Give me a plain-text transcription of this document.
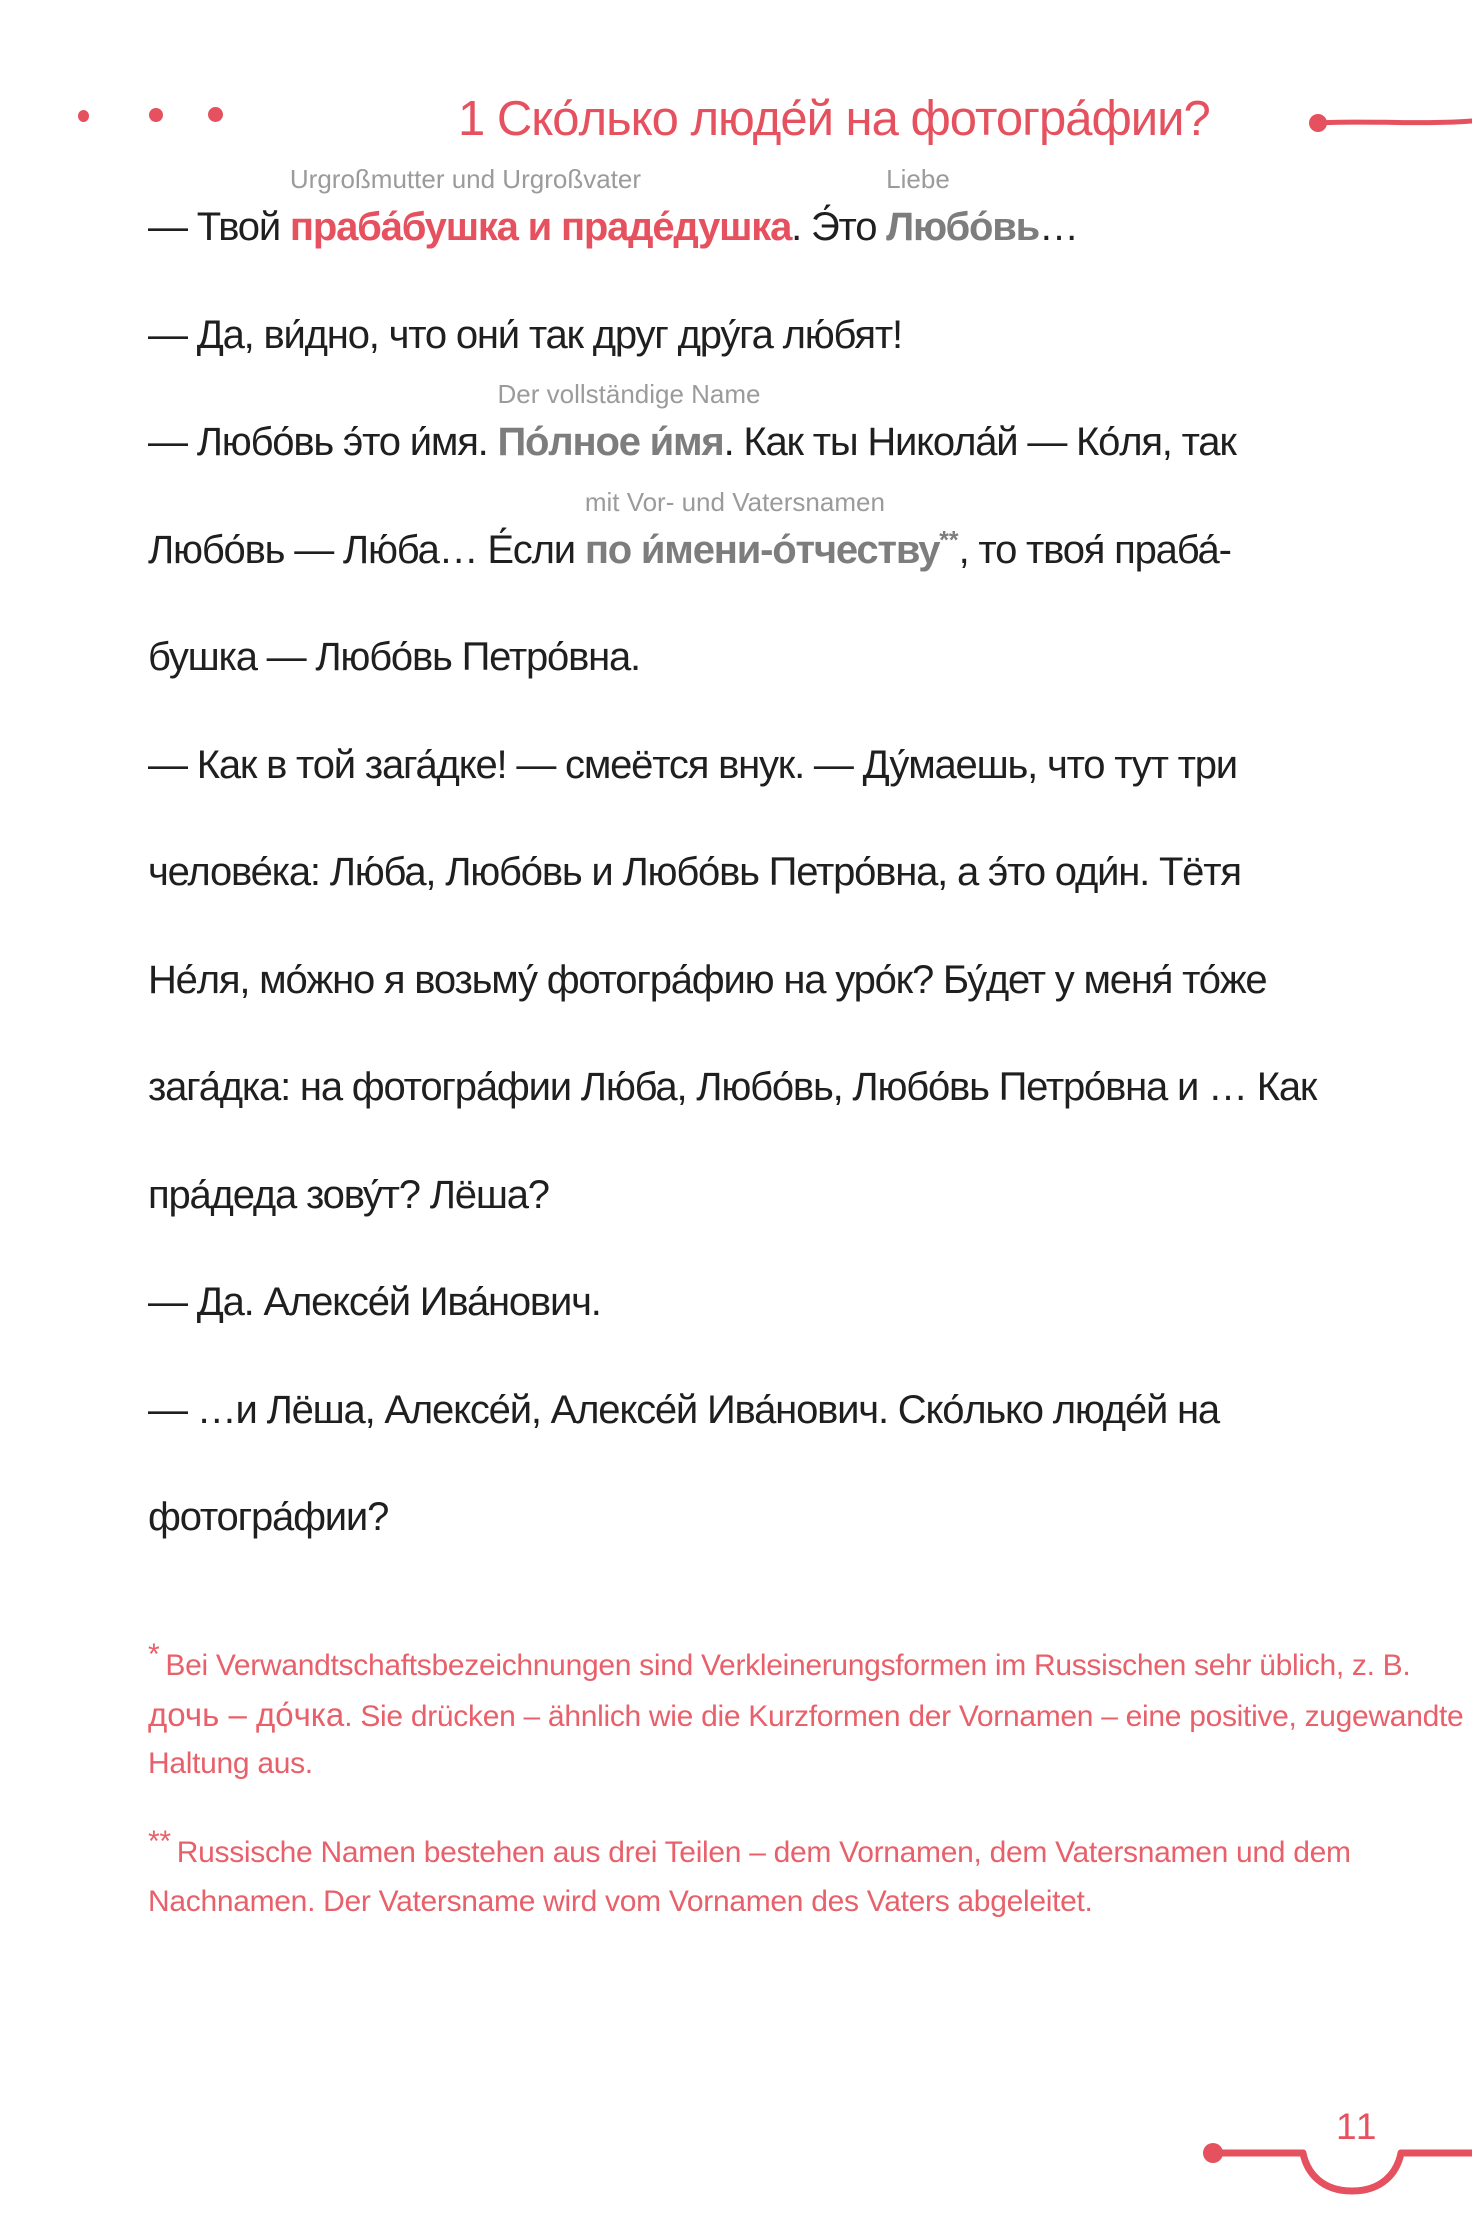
1 Ско́лько люде́й на фотогра́фии?
— Твой праба́бушка и праде́душка
Urgroßmutter und Urgroßvater
. Э́то Любо́вь
Liebe
…
— Да, ви́дно, что они́ так друг дру́га лю́бят!
— Любо́вь э́то и́мя. По́лное и́мя
Der vollständige Name
. Как ты Никола́й — Ко́ля, так
Любо́вь — Лю́ба… Е́сли по и́мени-о́тчеству**
mit Vor- und Vatersnamen
, то твоя́ праба́-
бушка — Любо́вь Петро́вна.
— Как в той зага́дке! — смеётся внук. — Ду́маешь, что тут три
челове́ка: Лю́ба, Любо́вь и Любо́вь Петро́вна, а э́то оди́н. Тётя
Не́ля, мо́жно я возьму́ фотогра́фию на уро́к? Бу́дет у меня́ то́же
зага́дка: на фотогра́фии Лю́ба, Любо́вь, Любо́вь Петро́вна и … Как
пра́деда зову́т? Лёша?
— Да. Алексе́й Ива́нович.
— …и Лёша, Алексе́й, Алексе́й Ива́нович. Ско́лько люде́й на
фотогра́фии?
* Bei Verwandtschaftsbezeichnungen sind Verkleinerungsformen im Russischen sehr üblich, z. B.
дочь – до́чка. Sie drücken – ähnlich wie die Kurzformen der Vornamen – eine positive, zugewandte
Haltung aus.
** Russische Namen bestehen aus drei Teilen – dem Vornamen, dem Vatersnamen und dem
Nachnamen. Der Vatersname wird vom Vornamen des Vaters abgeleitet.
11
